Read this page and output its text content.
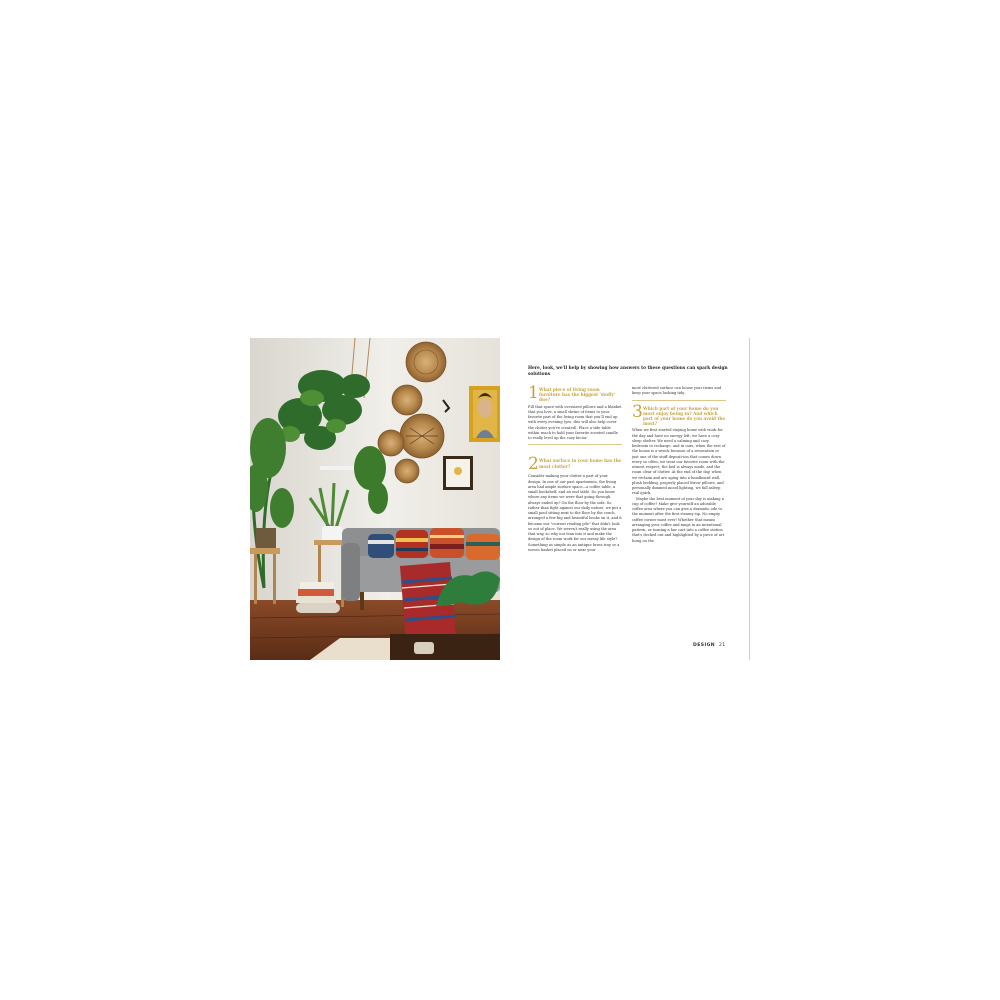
Here, look, we'll help by showing how answers to these questions can spark design solutions
1 What piece of living room furniture has the biggest 'stuffy' due?

Fill that space with oversized pillows and a blanket that you love, a small shrine of items to your favorite part of the living room that you'll end up with every evening (yes, this will also help cover the clutter you've created). Place a side table within reach to hold your favorite scented candle to really level up the cozy factor.

2 What surface in your home has the most clutter?

Consider making your clutter a part of your design. In one of our past apartments, the living area had ample surface space—a coffee table, a small bookshelf, and an end table. Do you know where any items we were that going through, always ended up? On the floor by the sofa. So rather than fight against our daily nature, we put a small pouf sitting next to the floor by the couch, arranged a few big and beautiful books on it, and it became our "current reading pile" that didn't look so out of place. We weren't really using the area that way, so why not lean into it and make the design of the room work for our messy life style? Something as simple as an antique brass tray or a woven basket placed on or near your

most cluttered surface can house your items and keep your space looking tidy.

3 Which part of your home do you most enjoy being in? And which part of your home do you avoid the most?

When we first started staying home with work for the day and have no energy left, we have a cozy sleep shelter. We need a calming and cozy bedroom to recharge, and in ours, when the rest of the house is a wreck because of a renovation or just one of the stuff deposit-ion that comes down every so often, we treat our favorite room with the utmost respect; the bed is always made, and the room clear of clutter. At the end of the day, when we reclaim and are aging into a headboard wall, plush bedding, properly placed throw pillows, and personally dimmed mood lighting, we fall asleep real quick.

Maybe the best moment of your day is making a cup of coffee? Make give yourself an adorable coffee area where you can give a dramatic ode to the moment after the first steamy sip. No empty coffee corner must ever! Whether that means arranging your coffee and mugs in an intentional pattern, or turning a bar cart into a coffee station that's decked out and highlighted by a piece of art hung on the

DESIGN 21
